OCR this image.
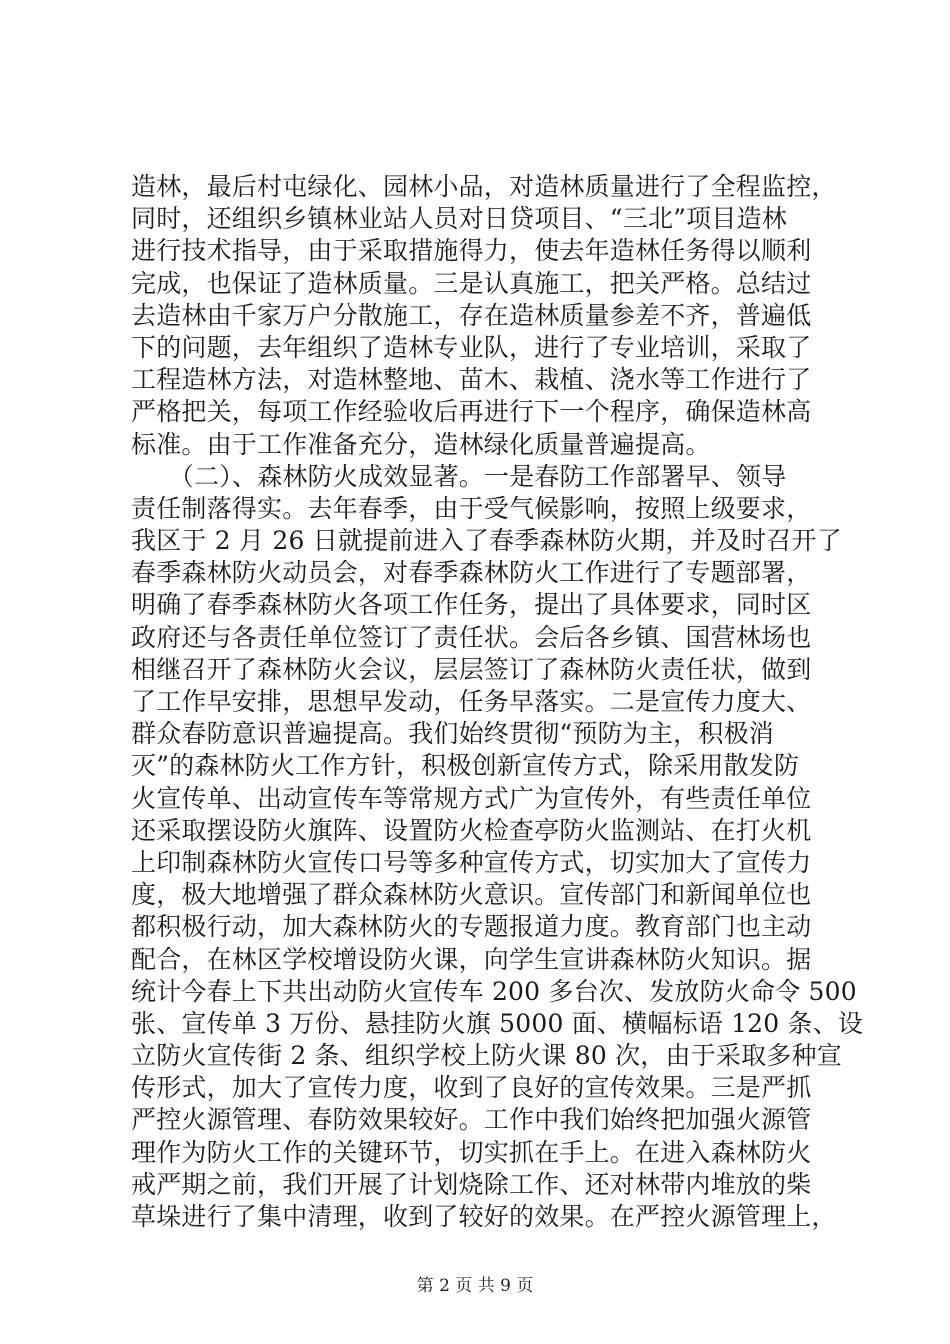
造林，最后村屯绿化、园林小品，对造林质量进行了全程监控，
同时，还组织乡镇林业站人员对日贷项目、“三北”项目造林
进行技术指导，由于采取措施得力，使去年造林任务得以顺利
完成，也保证了造林质量。三是认真施工，把关严格。总结过
去造林由千家万户分散施工，存在造林质量参差不齐，普遍低
下的问题，去年组织了造林专业队，进行了专业培训，采取了
工程造林方法，对造林整地、苗木、栽植、浇水等工作进行了
严格把关，每项工作经验收后再进行下一个程序，确保造林高
标准。由于工作准备充分，造林绿化质量普遍提高。
　　（二）、森林防火成效显著。一是春防工作部署早、领导
责任制落得实。去年春季，由于受气候影响，按照上级要求，
我区于 2 月 26 日就提前进入了春季森林防火期，并及时召开了
春季森林防火动员会，对春季森林防火工作进行了专题部署，
明确了春季森林防火各项工作任务，提出了具体要求，同时区
政府还与各责任单位签订了责任状。会后各乡镇、国营林场也
相继召开了森林防火会议，层层签订了森林防火责任状，做到
了工作早安排，思想早发动，任务早落实。二是宣传力度大、
群众春防意识普遍提高。我们始终贯彻“预防为主，积极消
灭”的森林防火工作方针，积极创新宣传方式，除采用散发防
火宣传单、出动宣传车等常规方式广为宣传外，有些责任单位
还采取摆设防火旗阵、设置防火检查亭防火监测站、在打火机
上印制森林防火宣传口号等多种宣传方式，切实加大了宣传力
度，极大地增强了群众森林防火意识。宣传部门和新闻单位也
都积极行动，加大森林防火的专题报道力度。教育部门也主动
配合，在林区学校增设防火课，向学生宣讲森林防火知识。据
统计今春上下共出动防火宣传车 200 多台次、发放防火命令 500
张、宣传单 3 万份、悬挂防火旗 5000 面、横幅标语 120 条、设
立防火宣传街 2 条、组织学校上防火课 80 次，由于采取多种宣
传形式，加大了宣传力度，收到了良好的宣传效果。三是严抓
严控火源管理、春防效果较好。工作中我们始终把加强火源管
理作为防火工作的关键环节，切实抓在手上。在进入森林防火
戒严期之前，我们开展了计划烧除工作、还对林带内堆放的柴
草垛进行了集中清理，收到了较好的效果。在严控火源管理上，
第 2 页 共 9 页
